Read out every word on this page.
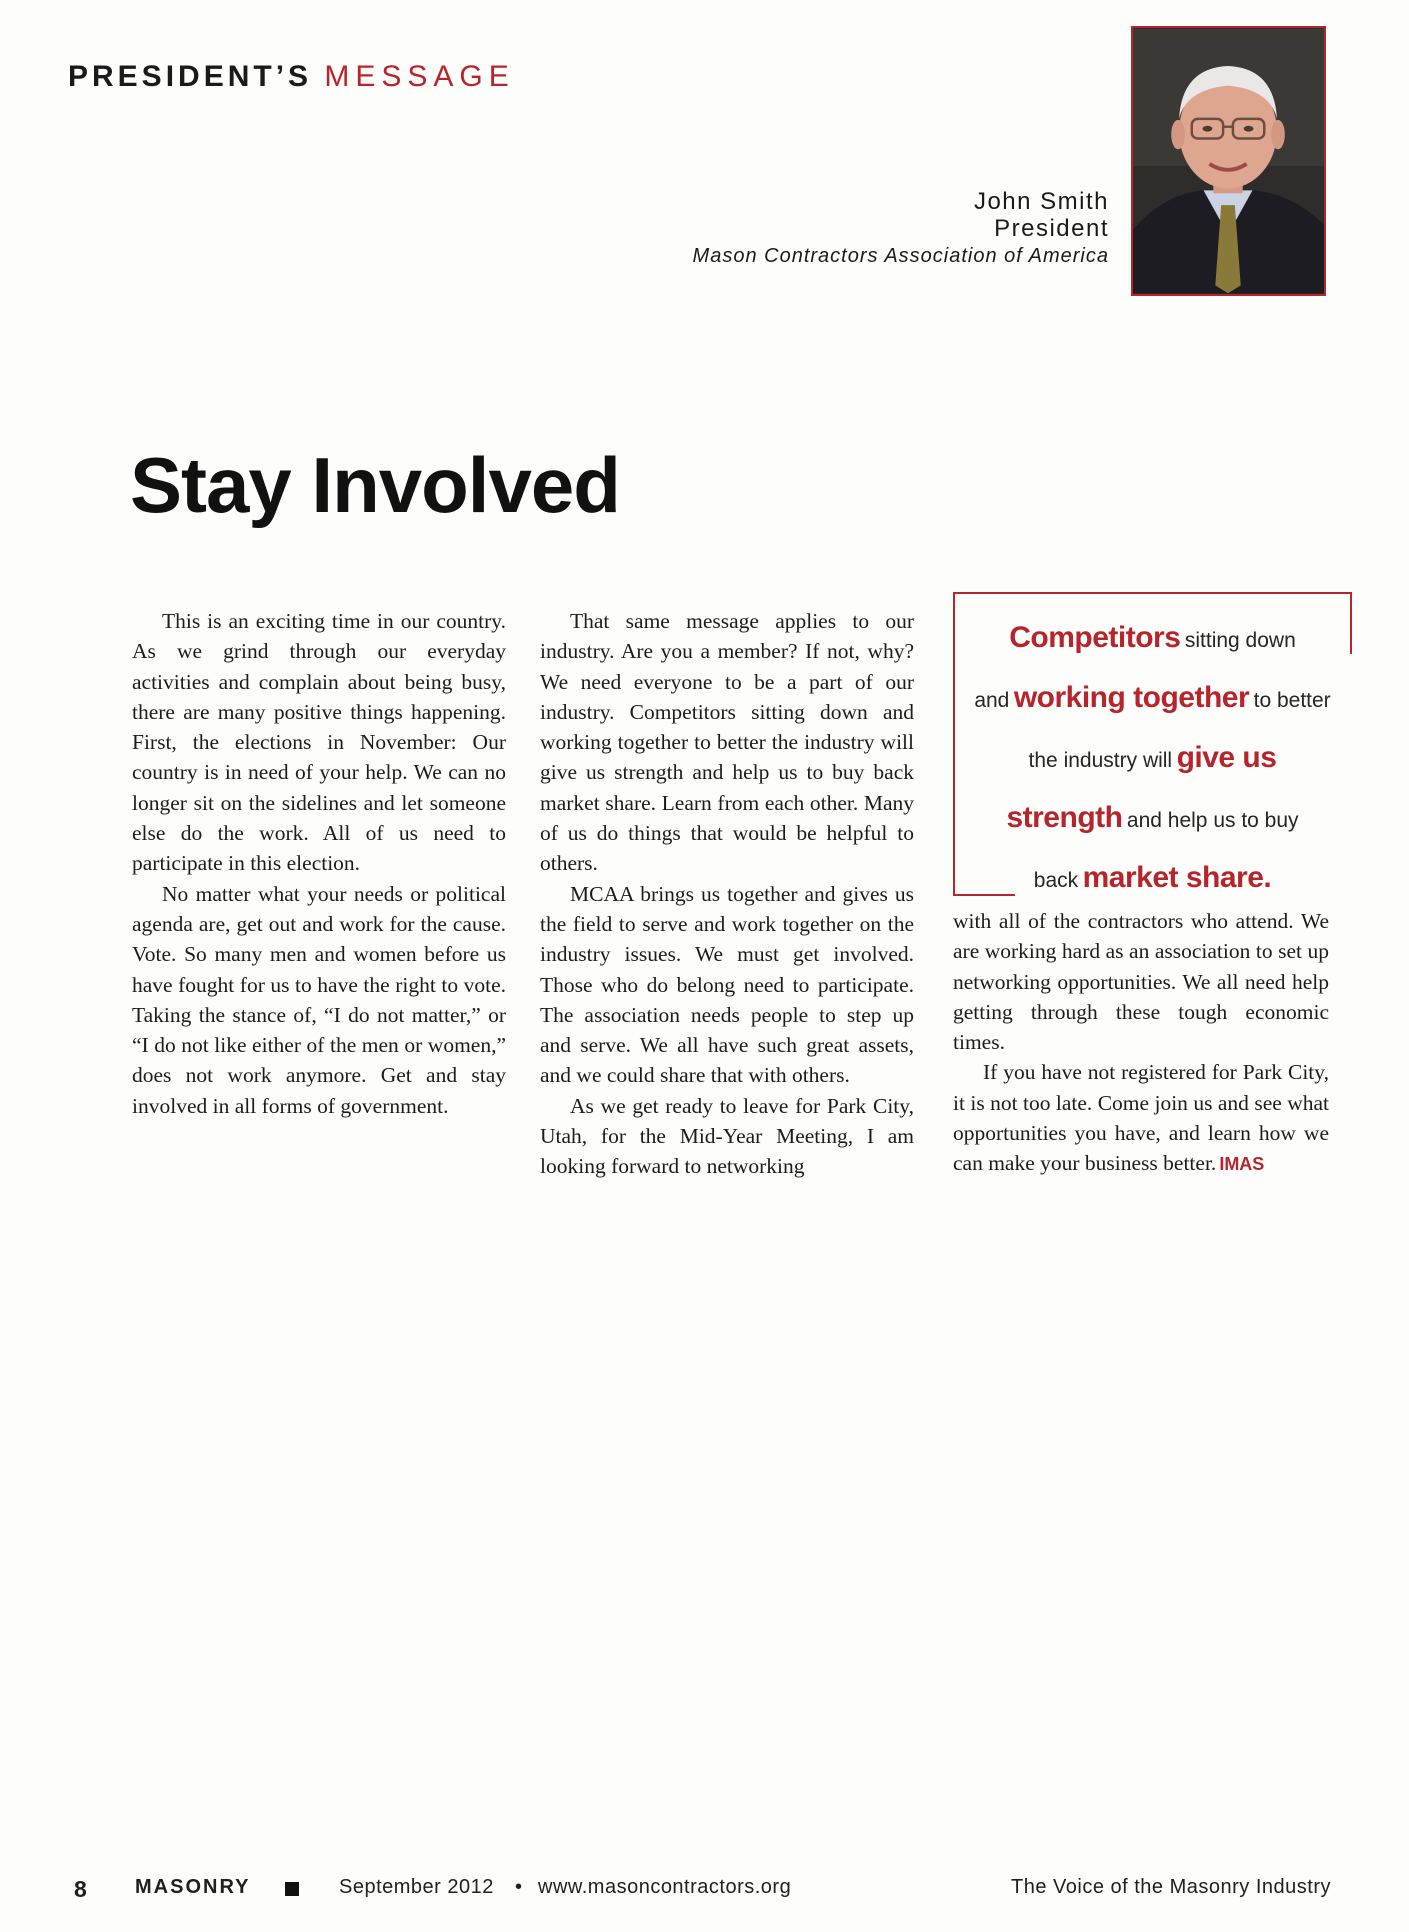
PRESIDENT’S MESSAGE
John Smith
President
Mason Contractors Association of America
Stay Involved

This is an exciting time in our country. As we grind through our everyday activities and complain about being busy, there are many positive things happening. First, the elections in November: Our country is in need of your help. We can no longer sit on the sidelines and let someone else do the work. All of us need to participate in this election.

No matter what your needs or political agenda are, get out and work for the cause. Vote. So many men and women before us have fought for us to have the right to vote. Taking the stance of, “I do not matter,” or “I do not like either of the men or women,” does not work anymore. Get and stay involved in all forms of government.

That same message applies to our industry. Are you a member? If not, why? We need everyone to be a part of our industry. Competitors sitting down and working together to better the industry will give us strength and help us to buy back market share. Learn from each other. Many of us do things that would be helpful to others.

MCAA brings us together and gives us the field to serve and work together on the industry issues. We must get involved. Those who do belong need to participate. The association needs people to step up and serve. We all have such great assets, and we could share that with others.

As we get ready to leave for Park City, Utah, for the Mid-Year Meeting, I am looking forward to networking

Competitors sitting down
and working together to better
the industry will give us
strength and help us to buy
back market share.

with all of the contractors who attend. We are working hard as an association to set up networking opportunities. We all need help getting through these tough economic times.

If you have not registered for Park City, it is not too late. Come join us and see what opportunities you have, and learn how we can make your business better. IMAS

8 MASONRY	September 2012 • www.masoncontractors.org	The Voice of the Masonry Industry
